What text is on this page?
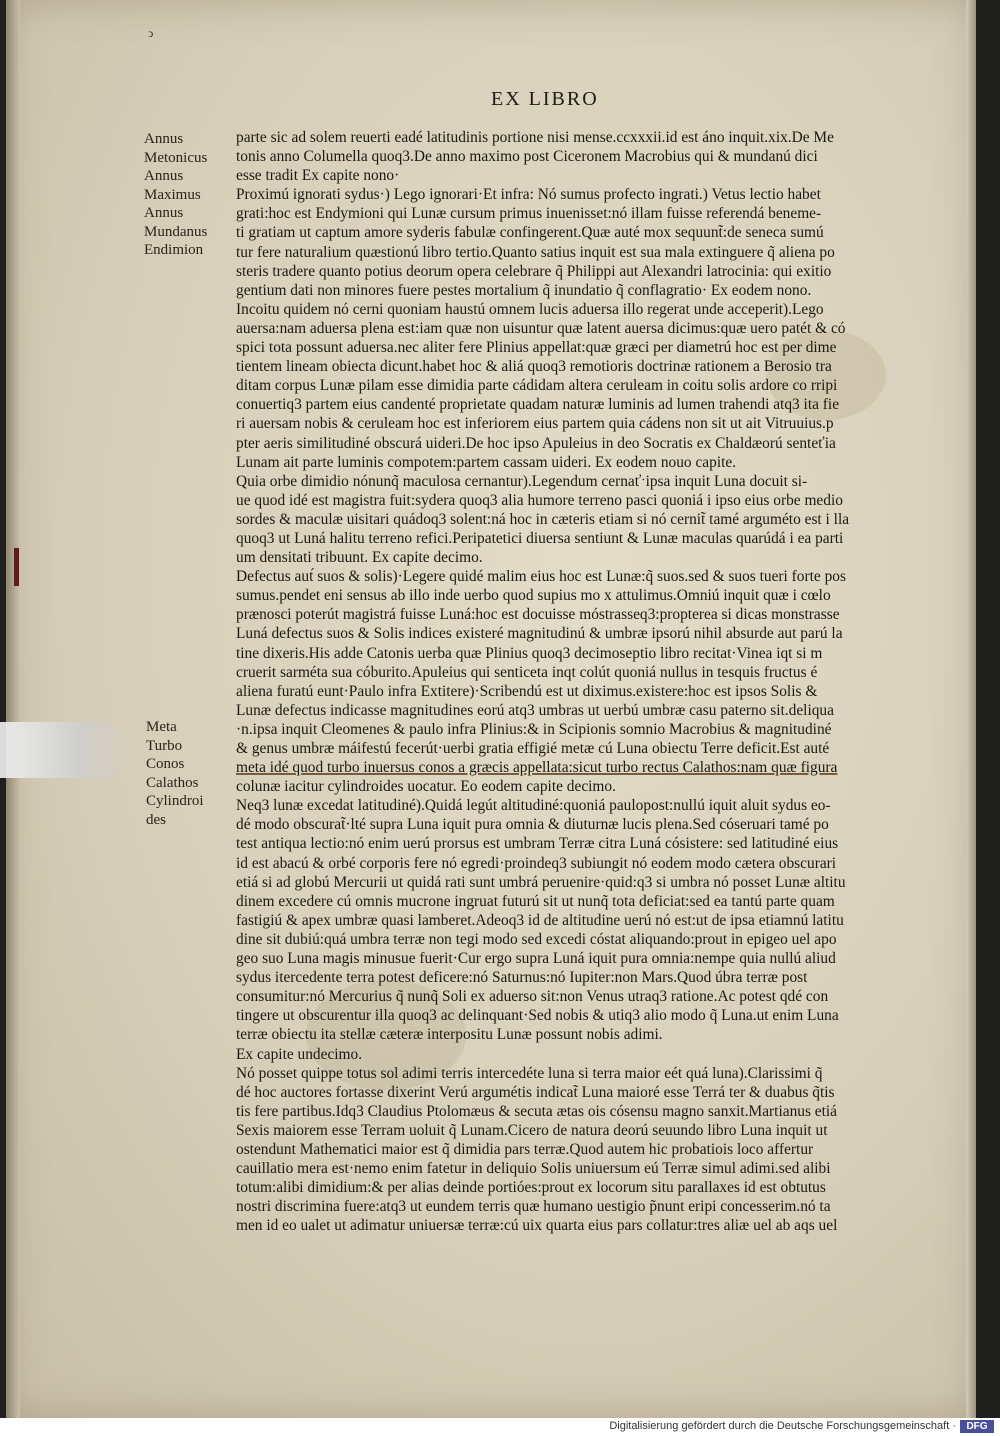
ↄ
EX LIBRO
Annus
Metonicus
Annus
Maximus
Annus
Mundanus
Endimion
Meta
Turbo
Conos
Calathos
Cylindroi
des
parte sic ad solem reuerti eadé latitudinis portione nisi mense.ccxxxii.id est áno inquit.xix.De Me
tonis anno Columella quoq3.De anno maximo post Ciceronem Macrobius qui & mundanú dici
esse tradit Ex capite nono·
Proximú ignorati sydus·) Lego ignorari·Et infra: Nó sumus profecto ingrati.) Vetus lectio habet
grati:hoc est Endymioni qui Lunæ cursum primus inuenisset:nó illam fuisse referendá beneme‑
ti gratiam ut captum amore syderis fabulæ confingerent.Quæ auté mox sequunt̃:de seneca sumú
tur fere naturalium quæstionú libro tertio.Quanto satius inquit est sua mala extinguere q̃ aliena po
steris tradere quanto potius deorum opera celebrare q̃ Philippi aut Alexandri latrocinia: qui exitio
gentium dati non minores fuere pestes mortalium q̃ inundatio q̃ conflagratio· Ex eodem nono.
Incoitu quidem nó cerni quoniam haustú omnem lucis aduersa illo regerat unde acceperit).Lego
auersa:nam aduersa plena est:iam quæ non uisuntur quæ latent auersa dicimus:quæ uero patét & có
spici tota possunt aduersa.nec aliter fere Plinius appellat:quæ græci per diametrú hoc est per dime
tientem lineam obiecta dicunt.habet hoc & aliá quoq3 remotioris doctrinæ rationem a Berosio tra
ditam corpus Lunæ pilam esse dimidia parte cádidam altera ceruleam in coitu solis ardore co rripi
conuertiq3 partem eius candenté proprietate quadam naturæ luminis ad lumen trahendi atq3 ita fie
ri auersam nobis & ceruleam hoc est inferiorem eius partem quia cádens non sit ut ait Vitruuius.p
pter aeris similitudiné obscurá uideri.De hoc ipso Apuleius in deo Socratis ex Chaldæorú senteťia
Lunam ait parte luminis compotem:partem cassam uideri. Ex eodem nouo capite.
Quia orbe dimidio nónunq̃ maculosa cernantur).Legendum cernaťˑipsa inquit Luna docuit si‑
ue quod idé est magistra fuit:sydera quoq3 alia humore terreno pasci quoniá i ipso eius orbe medio
sordes & maculæ uisitari quádoq3 solent:ná hoc in cæteris etiam si nó cernit̃ tamé arguméto est i lla
quoq3 ut Luná halitu terreno refici.Peripatetici diuersa sentiunt & Lunæ maculas quarúdá i ea parti
um densitati tribuunt. Ex capite decimo.
Defectus aut́ suos & solis)·Legere quidé malim eius hoc est Lunæ:q̃ suos.sed & suos tueri forte pos
sumus.pendet eni sensus ab illo inde uerbo quod supius mo x attulimus.Omniú inquit quæ i cœlo
prænosci poterút magistrá fuisse Luná:hoc est docuisse móstrasseq3:propterea si dicas monstrasse
Luná defectus suos & Solis indices existeré magnitudinú & umbræ ipsorú nihil absurde aut parú la
tine dixeris.His adde Catonis uerba quæ Plinius quoq3 decimoseptio libro recitat·Vinea iqt si m
cruerit sarméta sua cóburito.Apuleius qui senticeta inqt colút quoniá nullus in tesquis fructus é
aliena furatú eunt·Paulo infra Extitere)·Scribendú est ut diximus.existere:hoc est ipsos Solis &
Lunæ defectus indicasse magnitudines eorú atq3 umbras ut uerbú umbræ casu paterno sit.deliqua
·n.ipsa inquit Cleomenes & paulo infra Plinius:& in Scipionis somnio Macrobius & magnitudiné
& genus umbræ máifestú fecerút·uerbi gratia effigié metæ cú Luna obiectu Terre deficit.Est auté
meta idé quod turbo inuersus conos a græcis appellata:sicut turbo rectus Calathos:nam quæ figura
colunæ iacitur cylindroides uocatur. Eo eodem capite decimo.
Neq3 lunæ excedat latitudiné).Quidá legút altitudiné:quoniá paulopost:nullú iquit aluit sydus eo‑
dé modo obscurat̃·lté supra Luna iquit pura omnia & diuturnæ lucis plena.Sed cóseruari tamé po
test antiqua lectio:nó enim uerú prorsus est umbram Terræ citra Luná cósistere: sed latitudiné eius
id est abacú & orbé corporis fere nó egredi·proindeq3 subiungit nó eodem modo cætera obscurari
etiá si ad globú Mercurii ut quidá rati sunt umbrá peruenire·quid:q3 si umbra nó posset Lunæ altitu
dinem excedere cú omnis mucrone ingruat futurú sit ut nunq̃ tota deficiat:sed ea tantú parte quam
fastigiú & apex umbræ quasi lamberet.Adeoq3 id de altitudine uerú nó est:ut de ipsa etiamnú latitu
dine sit dubiú:quá umbra terræ non tegi modo sed excedi cóstat aliquando:prout in epigeo uel apo
geo suo Luna magis minusue fuerit·Cur ergo supra Luná iquit pura omnia:nempe quia nullú aliud
sydus itercedente terra potest deficere:nó Saturnus:nó Iupiter:non Mars.Quod úbra terræ post
consumitur:nó Mercurius q̃ nunq̃ Soli ex aduerso sit:non Venus utraq3 ratione.Ac potest qdé con
tingere ut obscurentur illa quoq3 ac delinquant·Sed nobis & utiq3 alio modo q̃ Luna.ut enim Luna
terræ obiectu ita stellæ cæteræ interpositu Lunæ possunt nobis adimi.
Ex capite undecimo.
Nó posset quippe totus sol adimi terris intercedéte luna si terra maior eét quá luna).Clarissimi q̃
dé hoc auctores fortasse dixerint Verú argumétis indicat̃ Luna maioré esse Terrá ter & duabus q̃tis
tis fere partibus.Idq3 Claudius Ptolomæus & secuta ætas ois cósensu magno sanxit.Martianus etiá
Sexis maiorem esse Terram uoluit q̃ Lunam.Cicero de natura deorú seuundo libro Luna inquit ut
ostendunt Mathematici maior est q̃ dimidia pars terræ.Quod autem hic probatiois loco affertur
cauillatio mera est·nemo enim fatetur in deliquio Solis uniuersum eú Terræ simul adimi.sed alibi
totum:alibi dimidium:& per alias deinde portióes:prout ex locorum situ parallaxes id est obtutus
nostri discrimina fuere:atq3 ut eundem terris quæ humano uestigio p̃nunt eripi concesserim.nó ta
men id eo ualet ut adimatur uniuersæ terræ:cú uix quarta eius pars collatur:tres aliæ uel ab aqs uel
Digitalisierung gefördert durch die Deutsche Forschungsgemeinschaft ·	DFG
